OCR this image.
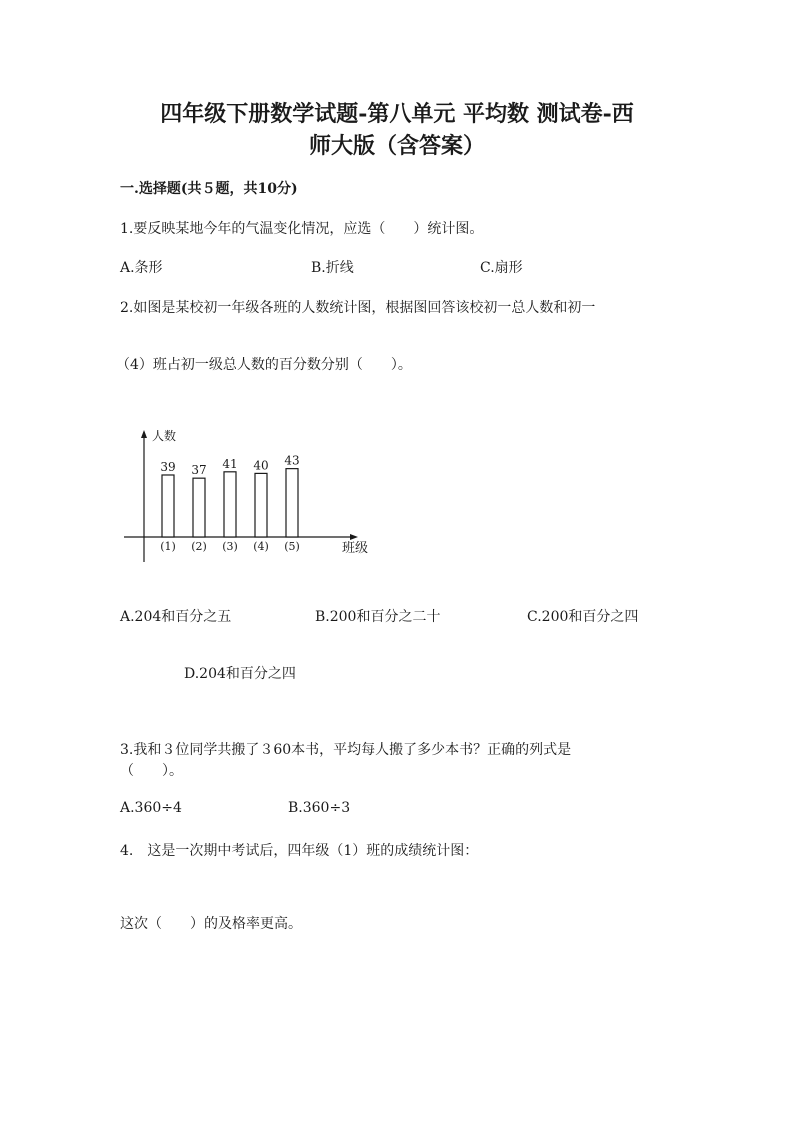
四年级下册数学试题-第八单元 平均数 测试卷-西
师大版（含答案）
一.选择题(共５题，共10分)
1.要反映某地今年的气温变化情况，应选（　　）统计图。
A.条形	B.折线	C.扇形
2.如图是某校初一年级各班的人数统计图，根据图回答该校初一总人数和初一
（4）班占初一级总人数的百分数分别（　　）。
人数
班级
39
(1)
37
(2)
41
(3)
40
(4)
43
(5)
A.204和百分之五	B.200和百分之二十	C.200和百分之四
D.204和百分之四
3.我和３位同学共搬了３60本书，平均每人搬了多少本书？正确的列式是
（　　）。
A.360÷4	B.360÷3
4.　这是一次期中考试后，四年级（1）班的成绩统计图：
这次（　　）的及格率更高。
